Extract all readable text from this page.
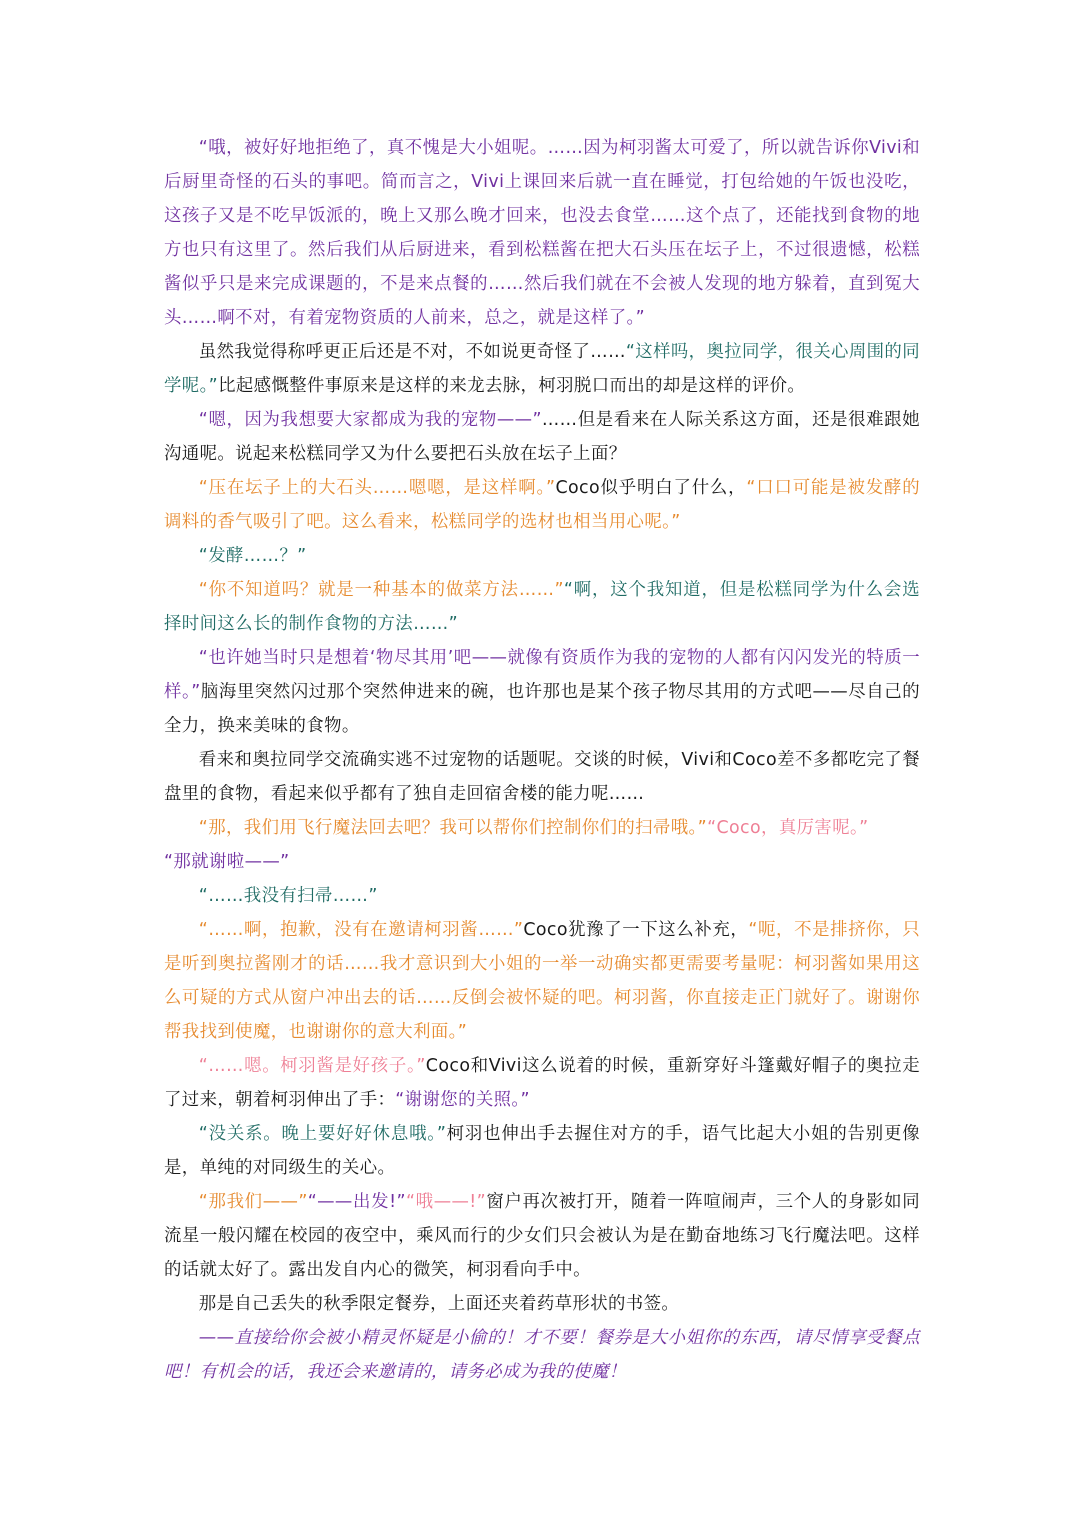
“哦，被好好地拒绝了，真不愧是大小姐呢。……因为柯羽酱太可爱了，所以就告诉你Vivi和后厨里奇怪的石头的事吧。简而言之，Vivi上课回来后就一直在睡觉，打包给她的午饭也没吃，这孩子又是不吃早饭派的，晚上又那么晚才回来，也没去食堂……这个点了，还能找到食物的地方也只有这里了。然后我们从后厨进来，看到松糕酱在把大石头压在坛子上，不过很遗憾，松糕酱似乎只是来完成课题的，不是来点餐的……然后我们就在不会被人发现的地方躲着，直到冤大头……啊不对，有着宠物资质的人前来，总之，就是这样了。”

虽然我觉得称呼更正后还是不对，不如说更奇怪了……“这样吗，奥拉同学，很关心周围的同学呢。”比起感慨整件事原来是这样的来龙去脉，柯羽脱口而出的却是这样的评价。

“嗯，因为我想要大家都成为我的宠物——”……但是看来在人际关系这方面，还是很难跟她沟通呢。说起来松糕同学又为什么要把石头放在坛子上面？

“压在坛子上的大石头……嗯嗯，是这样啊。”Coco似乎明白了什么，“口口可能是被发酵的调料的香气吸引了吧。这么看来，松糕同学的选材也相当用心呢。”

“发酵……？”

“你不知道吗？就是一种基本的做菜方法……”“啊，这个我知道，但是松糕同学为什么会选择时间这么长的制作食物的方法……”

“也许她当时只是想着‘物尽其用’吧——就像有资质作为我的宠物的人都有闪闪发光的特质一样。”脑海里突然闪过那个突然伸进来的碗，也许那也是某个孩子物尽其用的方式吧——尽自己的全力，换来美味的食物。

看来和奥拉同学交流确实逃不过宠物的话题呢。交谈的时候，Vivi和Coco差不多都吃完了餐盘里的食物，看起来似乎都有了独自走回宿舍楼的能力呢……

“那，我们用飞行魔法回去吧？我可以帮你们控制你们的扫帚哦。”“Coco，真厉害呢。”
“那就谢啦——”

“……我没有扫帚……”

“……啊，抱歉，没有在邀请柯羽酱……”Coco犹豫了一下这么补充，“呃，不是排挤你，只是听到奥拉酱刚才的话……我才意识到大小姐的一举一动确实都更需要考量呢：柯羽酱如果用这么可疑的方式从窗户冲出去的话……反倒会被怀疑的吧。柯羽酱，你直接走正门就好了。谢谢你帮我找到使魔，也谢谢你的意大利面。”

“……嗯。柯羽酱是好孩子。”Coco和Vivi这么说着的时候，重新穿好斗篷戴好帽子的奥拉走了过来，朝着柯羽伸出了手：“谢谢您的关照。”

“没关系。晚上要好好休息哦。”柯羽也伸出手去握住对方的手，语气比起大小姐的告别更像是，单纯的对同级生的关心。

“那我们——”“——出发!”“哦——!”窗户再次被打开，随着一阵喧闹声，三个人的身影如同流星一般闪耀在校园的夜空中，乘风而行的少女们只会被认为是在勤奋地练习飞行魔法吧。这样的话就太好了。露出发自内心的微笑，柯羽看向手中。

那是自己丢失的秋季限定餐券，上面还夹着药草形状的书签。

——直接给你会被小精灵怀疑是小偷的！才不要！餐券是大小姐你的东西，请尽情享受餐点吧！有机会的话，我还会来邀请的，请务必成为我的使魔！
